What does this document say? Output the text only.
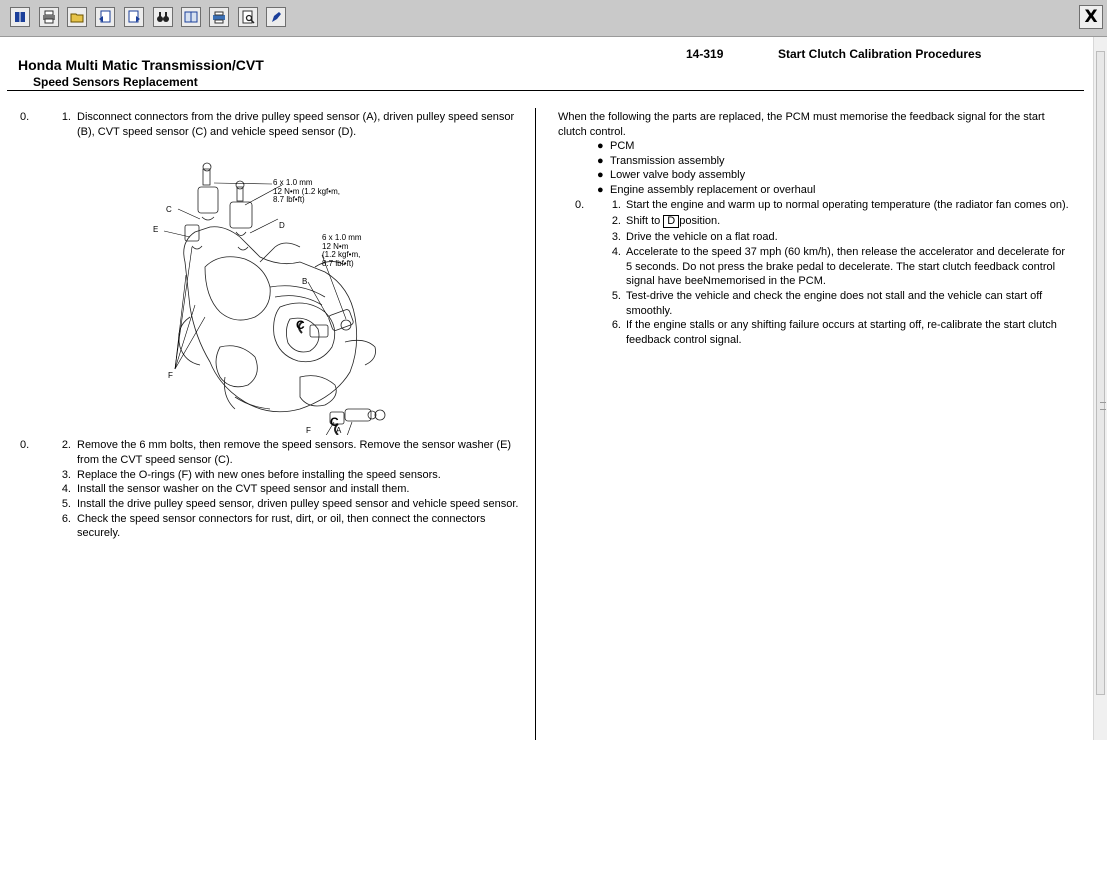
X
Honda Multi Matic Transmission/CVT
Speed Sensors Replacement
14-319	Start Clutch Calibration Procedures
0.	1. Disconnect connectors from the drive pulley speed sensor (A), driven pulley speed sensor
(B), CVT speed sensor (C) and vehicle speed sensor (D).
6 x 1.0 mm
12 N•m (1.2 kgf•m,
8.7 lbf•ft)
6 x 1.0 mm
12 N•m
(1.2 kgf•m,
8.7 lbf•ft)
C
E	D
B
F
C
C
F	A
0.	2. Remove the 6 mm bolts, then remove the speed sensors. Remove the sensor washer (E)
from the CVT speed sensor (C).
3. Replace the O-rings (F) with new ones before installing the speed sensors.
4. Install the sensor washer on the CVT speed sensor and install them.
5. Install the drive pulley speed sensor, driven pulley speed sensor and vehicle speed sensor.
6. Check the speed sensor connectors for rust, dirt, or oil, then connect the connectors
securely.
When the following the parts are replaced, the PCM must memorise the feedback signal for the start
clutch control.
● PCM
● Transmission assembly
● Lower valve body assembly
● Engine assembly replacement or overhaul
0.	1. Start the engine and warm up to normal operating temperature (the radiator fan comes on).
2. Shift to D position.
3. Drive the vehicle on a flat road.
4. Accelerate to the speed 37 mph (60 km/h), then release the accelerator and decelerate for
5 seconds. Do not press the brake pedal to decelerate. The start clutch feedback control
signal have beeNmemorised in the PCM.
5. Test-drive the vehicle and check the engine does not stall and the vehicle can start off
smoothly.
6. If the engine stalls or any shifting failure occurs at starting off, re-calibrate the start clutch
feedback control signal.
